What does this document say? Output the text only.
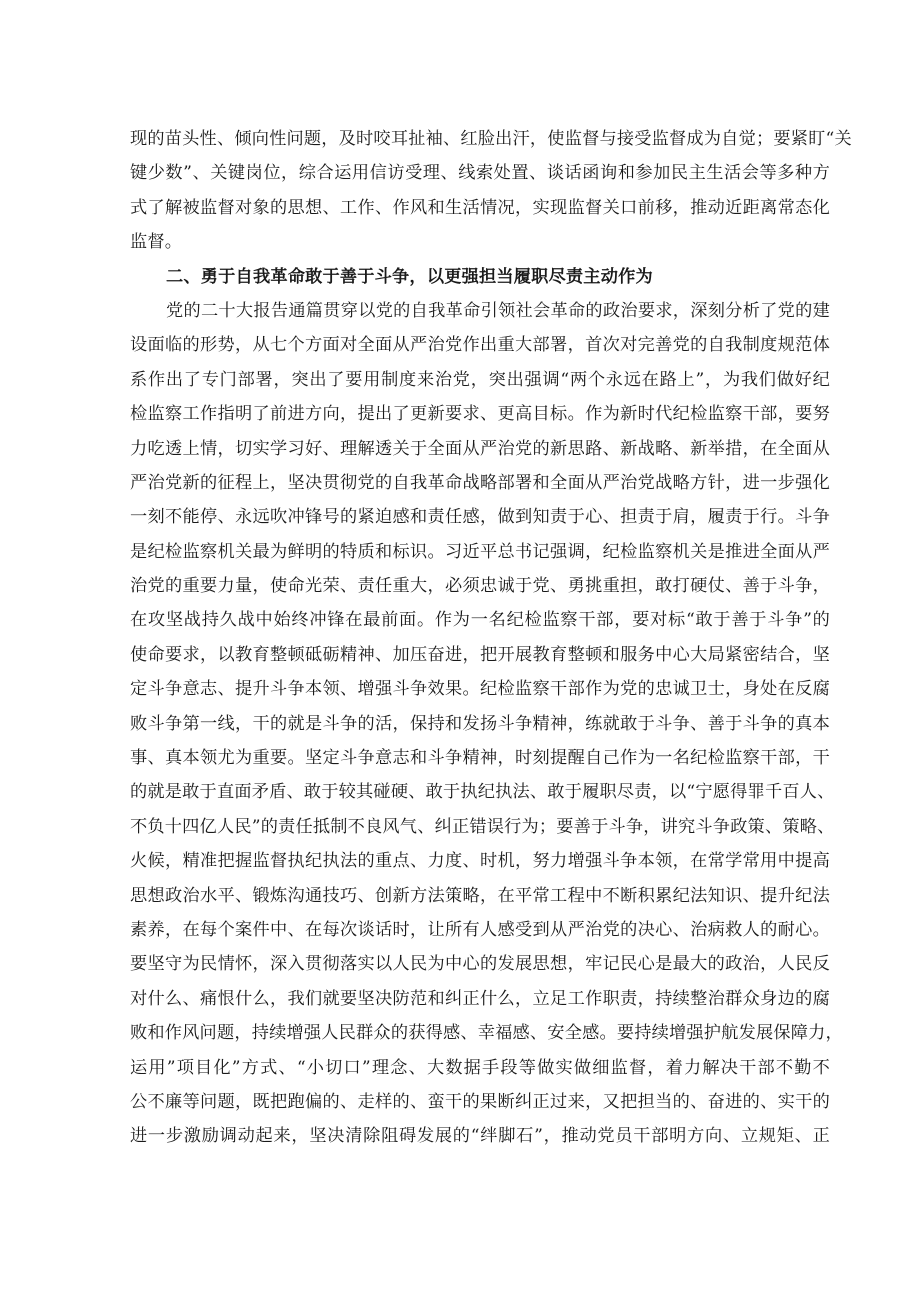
现的苗头性、倾向性问题，及时咬耳扯袖、红脸出汗，使监督与接受监督成为自觉；要紧盯“关
键少数”、关键岗位，综合运用信访受理、线索处置、谈话函询和参加民主生活会等多种方
式了解被监督对象的思想、工作、作风和生活情况，实现监督关口前移，推动近距离常态化
监督。
二、勇于自我革命敢于善于斗争，以更强担当履职尽责主动作为
党的二十大报告通篇贯穿以党的自我革命引领社会革命的政治要求，深刻分析了党的建
设面临的形势，从七个方面对全面从严治党作出重大部署，首次对完善党的自我制度规范体
系作出了专门部署，突出了要用制度来治党，突出强调“两个永远在路上”，为我们做好纪
检监察工作指明了前进方向，提出了更新要求、更高目标。作为新时代纪检监察干部，要努
力吃透上情，切实学习好、理解透关于全面从严治党的新思路、新战略、新举措，在全面从
严治党新的征程上，坚决贯彻党的自我革命战略部署和全面从严治党战略方针，进一步强化
一刻不能停、永远吹冲锋号的紧迫感和责任感，做到知责于心、担责于肩，履责于行。斗争
是纪检监察机关最为鲜明的特质和标识。习近平总书记强调，纪检监察机关是推进全面从严
治党的重要力量，使命光荣、责任重大，必须忠诚于党、勇挑重担，敢打硬仗、善于斗争，
在攻坚战持久战中始终冲锋在最前面。作为一名纪检监察干部，要对标“敢于善于斗争”的
使命要求，以教育整顿砥砺精神、加压奋进，把开展教育整顿和服务中心大局紧密结合，坚
定斗争意志、提升斗争本领、增强斗争效果。纪检监察干部作为党的忠诚卫士，身处在反腐
败斗争第一线，干的就是斗争的活，保持和发扬斗争精神，练就敢于斗争、善于斗争的真本
事、真本领尤为重要。坚定斗争意志和斗争精神，时刻提醒自己作为一名纪检监察干部，干
的就是敢于直面矛盾、敢于较其碰硬、敢于执纪执法、敢于履职尽责，以“宁愿得罪千百人、
不负十四亿人民”的责任抵制不良风气、纠正错误行为；要善于斗争，讲究斗争政策、策略、
火候，精准把握监督执纪执法的重点、力度、时机，努力增强斗争本领，在常学常用中提高
思想政治水平、锻炼沟通技巧、创新方法策略，在平常工程中不断积累纪法知识、提升纪法
素养，在每个案件中、在每次谈话时，让所有人感受到从严治党的决心、治病救人的耐心。
要坚守为民情怀，深入贯彻落实以人民为中心的发展思想，牢记民心是最大的政治，人民反
对什么、痛恨什么，我们就要坚决防范和纠正什么，立足工作职责，持续整治群众身边的腐
败和作风问题，持续增强人民群众的获得感、幸福感、安全感。要持续增强护航发展保障力，
运用”项目化”方式、“小切口”理念、大数据手段等做实做细监督，着力解决干部不勤不
公不廉等问题，既把跑偏的、走样的、蛮干的果断纠正过来，又把担当的、奋进的、实干的
进一步激励调动起来，坚决清除阻碍发展的“绊脚石”，推动党员干部明方向、立规矩、正
